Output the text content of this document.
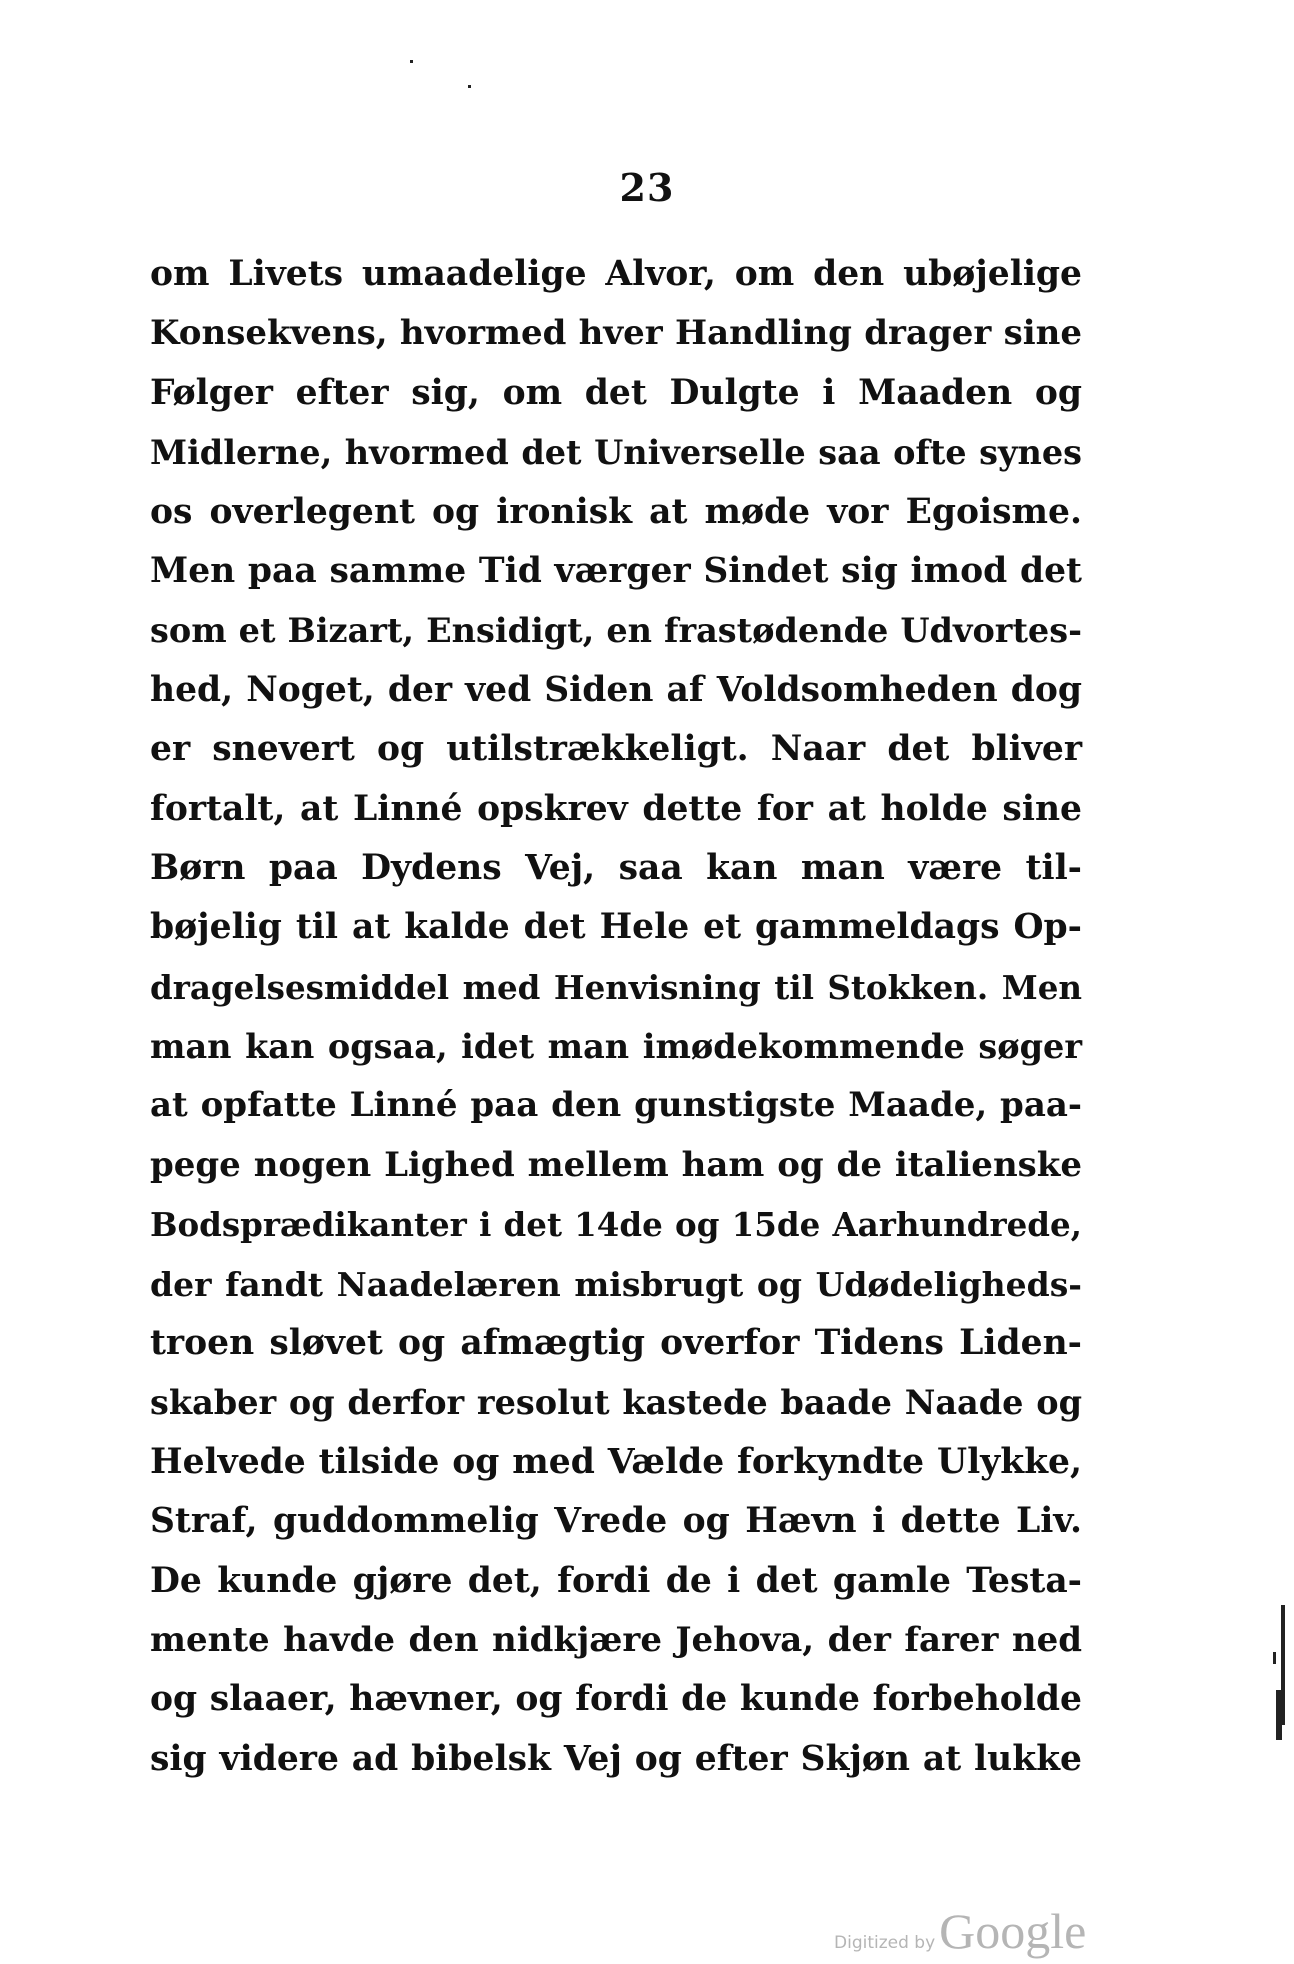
23
om Livets umaadelige Alvor, om den ubøjelige
Konsekvens, hvormed hver Handling drager sine
Følger efter sig, om det Dulgte i Maaden og
Midlerne, hvormed det Universelle saa ofte synes
os overlegent og ironisk at møde vor Egoisme.
Men paa samme Tid værger Sindet sig imod det
som et Bizart, Ensidigt, en frastødende Udvortes-
hed, Noget, der ved Siden af Voldsomheden dog
er snevert og utilstrækkeligt. Naar det bliver
fortalt, at Linné opskrev dette for at holde sine
Børn paa Dydens Vej, saa kan man være til-
bøjelig til at kalde det Hele et gammeldags Op-
dragelsesmiddel med Henvisning til Stokken. Men
man kan ogsaa, idet man imødekommende søger
at opfatte Linné paa den gunstigste Maade, paa-
pege nogen Lighed mellem ham og de italienske
Bodsprædikanter i det 14de og 15de Aarhundrede,
der fandt Naadelæren misbrugt og Udødeligheds-
troen sløvet og afmægtig overfor Tidens Liden-
skaber og derfor resolut kastede baade Naade og
Helvede tilside og med Vælde forkyndte Ulykke,
Straf, guddommelig Vrede og Hævn i dette Liv.
De kunde gjøre det, fordi de i det gamle Testa-
mente havde den nidkjære Jehova, der farer ned
og slaaer, hævner, og fordi de kunde forbeholde
sig videre ad bibelsk Vej og efter Skjøn at lukke
Digitized byGoogle
